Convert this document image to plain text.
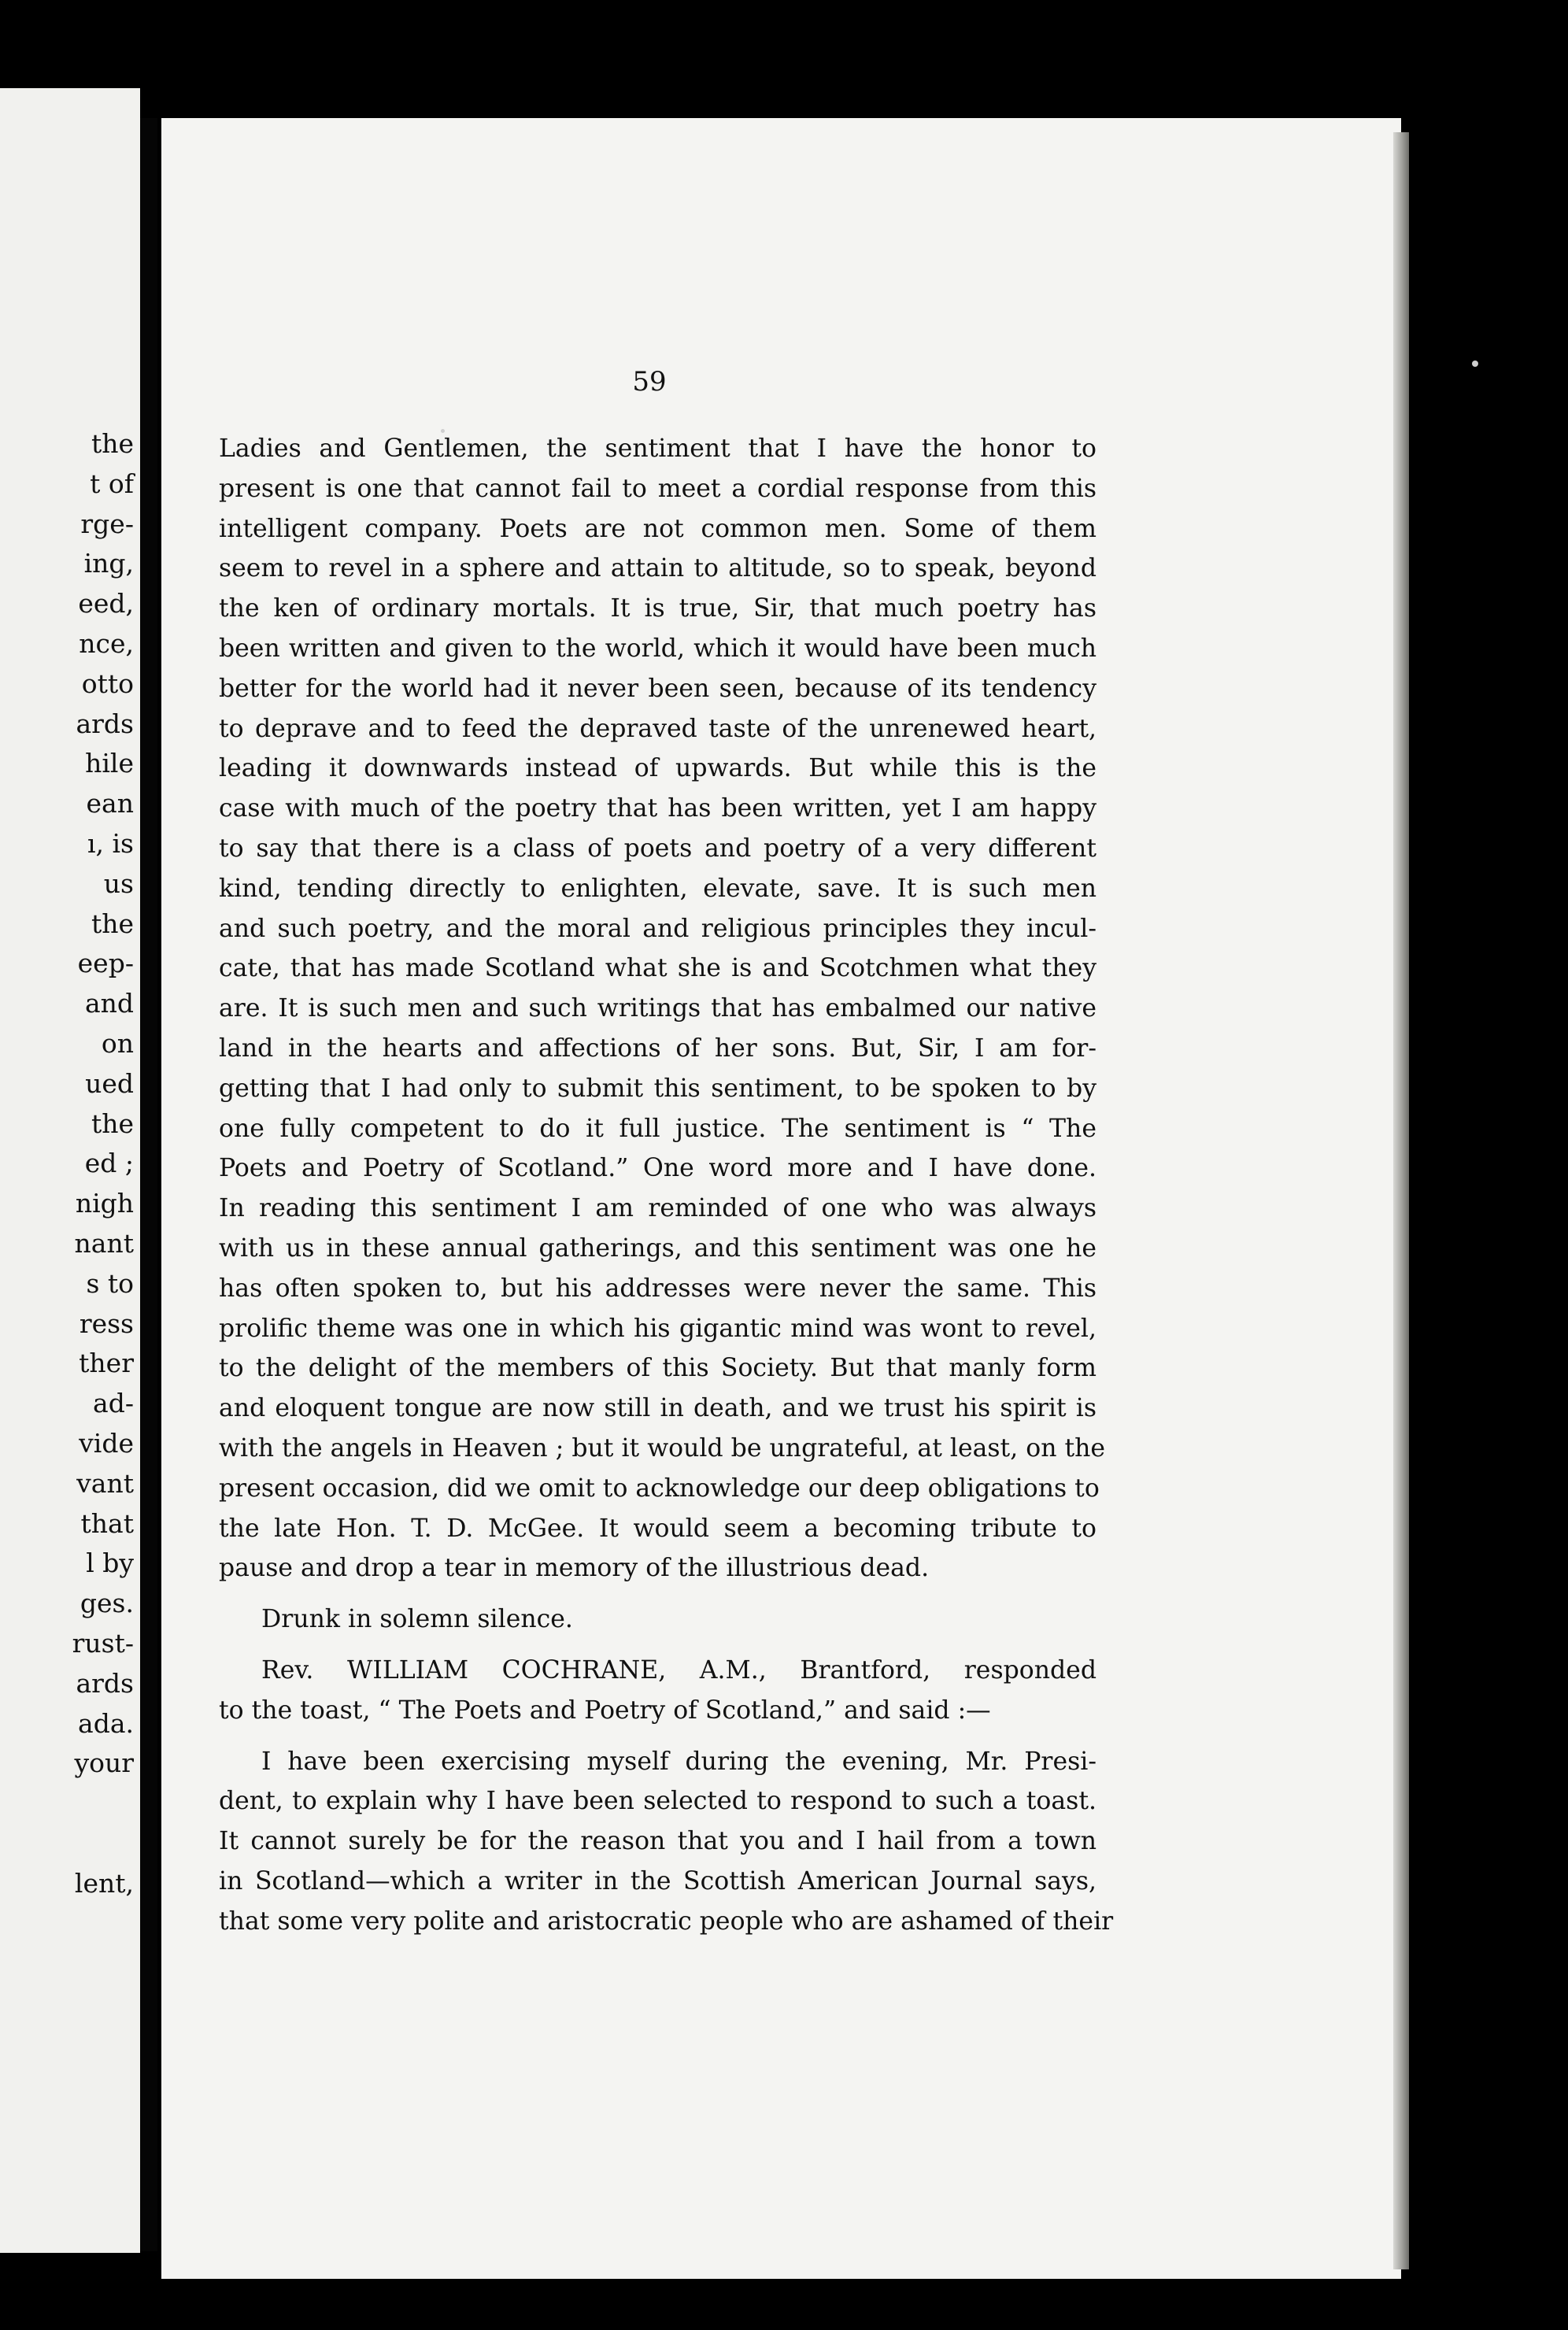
the
t of
rge-
ing,
eed,
nce,
otto
ards
hile
ean
ı, is
us
the
eep-
and
on
ued
the
ed ;
nigh
nant
s to
ress
ther
ad-
vide
vant
that
l by
ges.
rust-
ards
ada.
your
lent,
59
Ladies and Gentlemen, the sentiment that I have the honor to
present is one that cannot fail to meet a cordial response from this
intelligent company. Poets are not common men. Some of them
seem to revel in a sphere and attain to altitude, so to speak, beyond
the ken of ordinary mortals. It is true, Sir, that much poetry has
been written and given to the world, which it would have been much
better for the world had it never been seen, because of its tendency
to deprave and to feed the depraved taste of the unrenewed heart,
leading it downwards instead of upwards. But while this is the
case with much of the poetry that has been written, yet I am happy
to say that there is a class of poets and poetry of a very different
kind, tending directly to enlighten, elevate, save. It is such men
and such poetry, and the moral and religious principles they incul-
cate, that has made Scotland what she is and Scotchmen what they
are. It is such men and such writings that has embalmed our native
land in the hearts and affections of her sons. But, Sir, I am for-
getting that I had only to submit this sentiment, to be spoken to by
one fully competent to do it full justice. The sentiment is “ The
Poets and Poetry of Scotland.” One word more and I have done.
In reading this sentiment I am reminded of one who was always
with us in these annual gatherings, and this sentiment was one he
has often spoken to, but his addresses were never the same. This
prolific theme was one in which his gigantic mind was wont to revel,
to the delight of the members of this Society. But that manly form
and eloquent tongue are now still in death, and we trust his spirit is
with the angels in Heaven ; but it would be ungrateful, at least, on the
present occasion, did we omit to acknowledge our deep obligations to
the late Hon. T. D. McGee. It would seem a becoming tribute to
pause and drop a tear in memory of the illustrious dead.
Drunk in solemn silence.
Rev. WILLIAM COCHRANE, A.M., Brantford, responded
to the toast, “ The Poets and Poetry of Scotland,” and said :—
I have been exercising myself during the evening, Mr. Presi-
dent, to explain why I have been selected to respond to such a toast.
It cannot surely be for the reason that you and I hail from a town
in Scotland—which a writer in the Scottish American Journal says,
that some very polite and aristocratic people who are ashamed of their
